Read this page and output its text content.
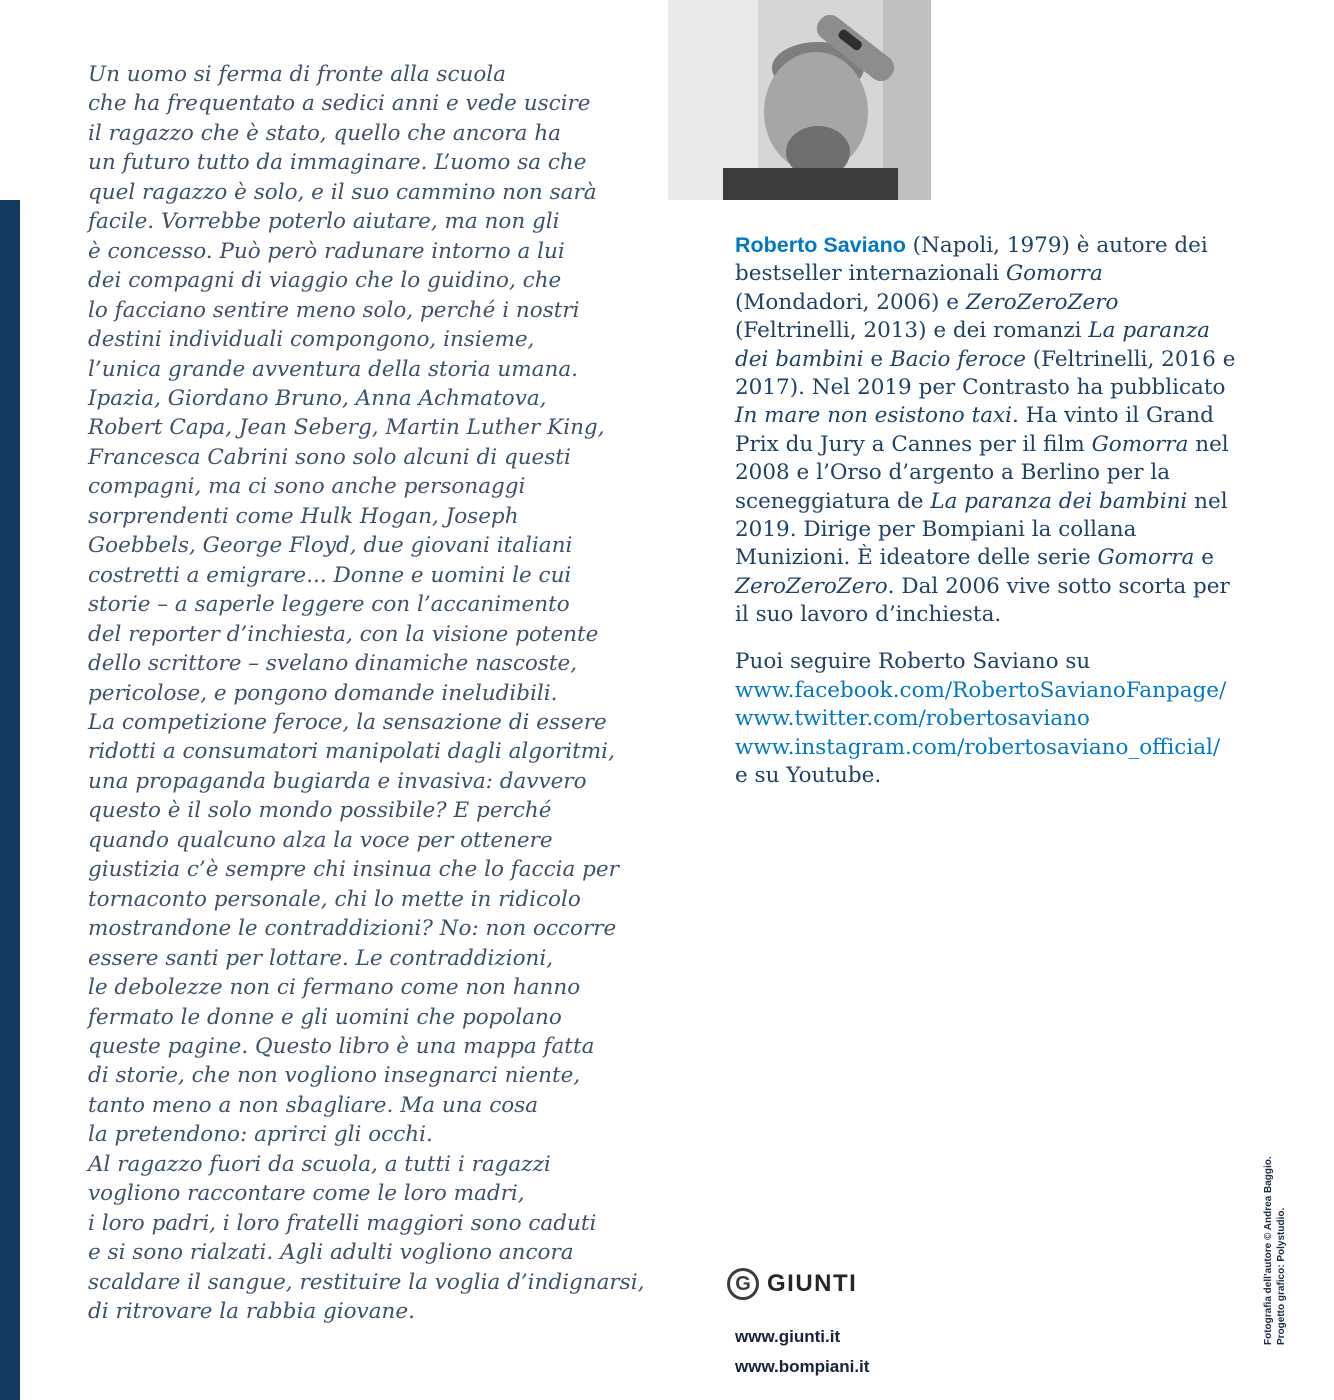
Un uomo si ferma di fronte alla scuola
che ha frequentato a sedici anni e vede uscire
il ragazzo che è stato, quello che ancora ha
un futuro tutto da immaginare. L’uomo sa che
quel ragazzo è solo, e il suo cammino non sarà
facile. Vorrebbe poterlo aiutare, ma non gli
è concesso. Può però radunare intorno a lui
dei compagni di viaggio che lo guidino, che
lo facciano sentire meno solo, perché i nostri
destini individuali compongono, insieme,
l’unica grande avventura della storia umana.
Ipazia, Giordano Bruno, Anna Achmatova,
Robert Capa, Jean Seberg, Martin Luther King,
Francesca Cabrini sono solo alcuni di questi
compagni, ma ci sono anche personaggi
sorprendenti come Hulk Hogan, Joseph
Goebbels, George Floyd, due giovani italiani
costretti a emigrare... Donne e uomini le cui
storie – a saperle leggere con l’accanimento
del reporter d’inchiesta, con la visione potente
dello scrittore – svelano dinamiche nascoste,
pericolose, e pongono domande ineludibili.
La competizione feroce, la sensazione di essere
ridotti a consumatori manipolati dagli algoritmi,
una propaganda bugiarda e invasiva: davvero
questo è il solo mondo possibile? E perché
quando qualcuno alza la voce per ottenere
giustizia c’è sempre chi insinua che lo faccia per
tornaconto personale, chi lo mette in ridicolo
mostrandone le contraddizioni? No: non occorre
essere santi per lottare. Le contraddizioni,
le debolezze non ci fermano come non hanno
fermato le donne e gli uomini che popolano
queste pagine. Questo libro è una mappa fatta
di storie, che non vogliono insegnarci niente,
tanto meno a non sbagliare. Ma una cosa
la pretendono: aprirci gli occhi.
Al ragazzo fuori da scuola, a tutti i ragazzi
vogliono raccontare come le loro madri,
i loro padri, i loro fratelli maggiori sono caduti
e si sono rialzati. Agli adulti vogliono ancora
scaldare il sangue, restituire la voglia d’indignarsi,
di ritrovare la rabbia giovane.
Roberto Saviano (Napoli, 1979) è autore dei bestseller internazionali Gomorra (Mondadori, 2006) e ZeroZeroZero (Feltrinelli, 2013) e dei romanzi La paranza dei bambini e Bacio feroce (Feltrinelli, 2016 e 2017). Nel 2019 per Contrasto ha pubblicato In mare non esistono taxi. Ha vinto il Grand Prix du Jury a Cannes per il film Gomorra nel 2008 e l’Orso d’argento a Berlino per la sceneggiatura de La paranza dei bambini nel 2019. Dirige per Bompiani la collana Munizioni. È ideatore delle serie Gomorra e ZeroZeroZero. Dal 2006 vive sotto scorta per il suo lavoro d’inchiesta.
Puoi seguire Roberto Saviano su
www.facebook.com/RobertoSavianoFanpage/
www.twitter.com/robertosaviano
www.instagram.com/robertosaviano_official/
e su Youtube.
G GIUNTI
www.giunti.it
www.bompiani.it
Fotografia dell’autore © Andrea Baggio. Progetto grafico: Polystudio.
